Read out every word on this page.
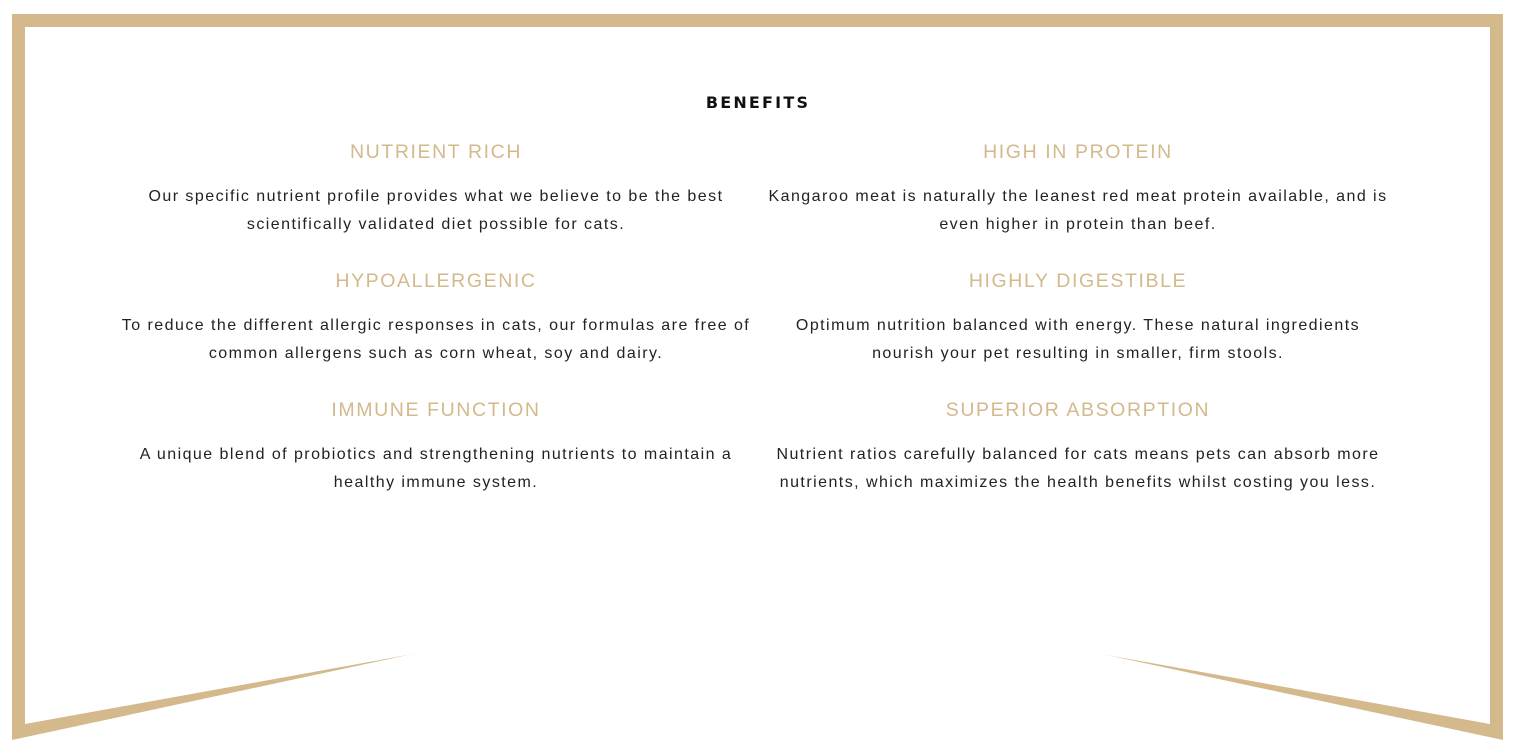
BENEFITS
NUTRIENT RICH

Our specific nutrient profile provides what we believe to be the best scientifically validated diet possible for cats.

HIGH IN PROTEIN

Kangaroo meat is naturally the leanest red meat protein available, and is even higher in protein than beef.

HYPOALLERGENIC

To reduce the different allergic responses in cats, our formulas are free of common allergens such as corn wheat, soy and dairy.

HIGHLY DIGESTIBLE

Optimum nutrition balanced with energy. These natural ingredients nourish your pet resulting in smaller, firm stools.

IMMUNE FUNCTION

A unique blend of probiotics and strengthening nutrients to maintain a healthy immune system.

SUPERIOR ABSORPTION

Nutrient ratios carefully balanced for cats means pets can absorb more nutrients, which maximizes the health benefits whilst costing you less.
